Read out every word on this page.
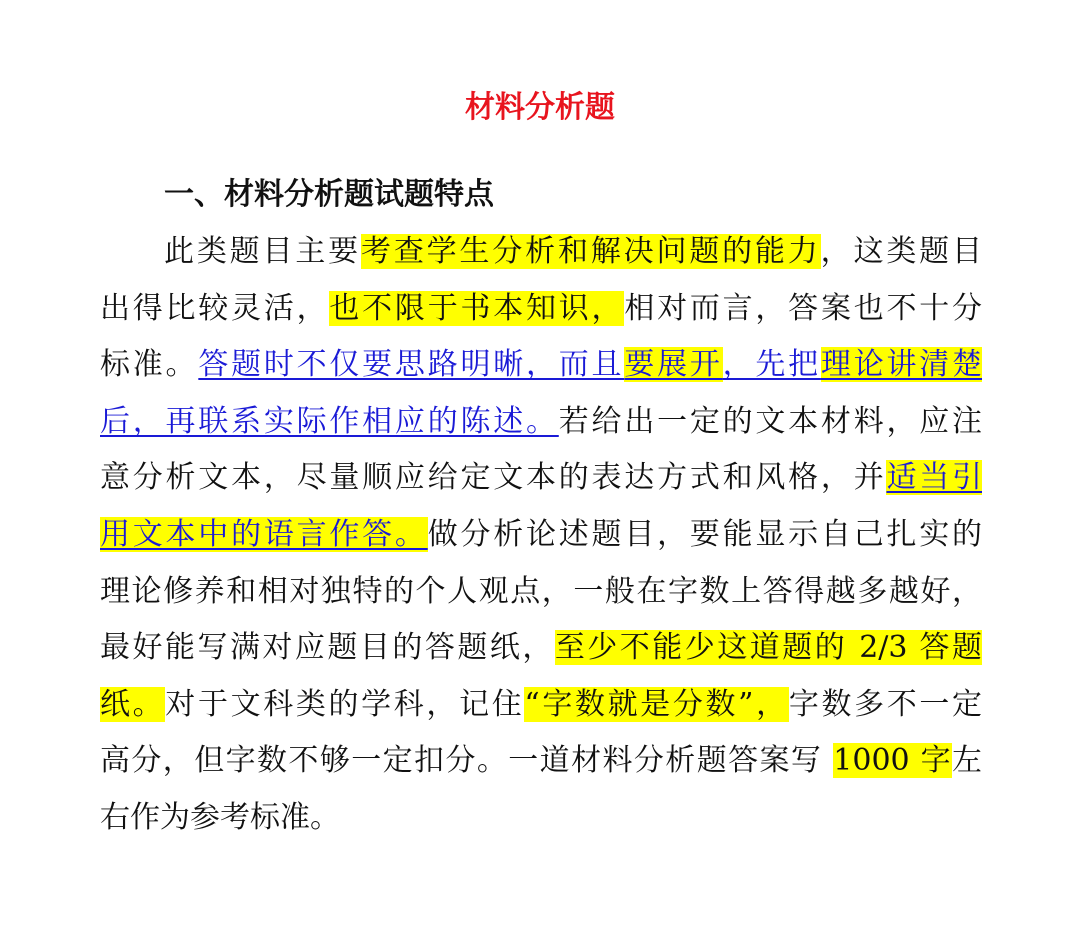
材料分析题
一、材料分析题试题特点
此类题目主要考查学生分析和解决问题的能力，这类题目
出得比较灵活，也不限于书本知识，相对而言，答案也不十分
标准。答题时不仅要思路明晰，而且要展开，先把理论讲清楚
后，再联系实际作相应的陈述。若给出一定的文本材料，应注
意分析文本，尽量顺应给定文本的表达方式和风格，并适当引
用文本中的语言作答。做分析论述题目，要能显示自己扎实的
理论修养和相对独特的个人观点，一般在字数上答得越多越好，
最好能写满对应题目的答题纸，至少不能少这道题的 2/3 答题
纸。对于文科类的学科，记住“字数就是分数”，字数多不一定
高分，但字数不够一定扣分。一道材料分析题答案写 1000 字左
右作为参考标准。
